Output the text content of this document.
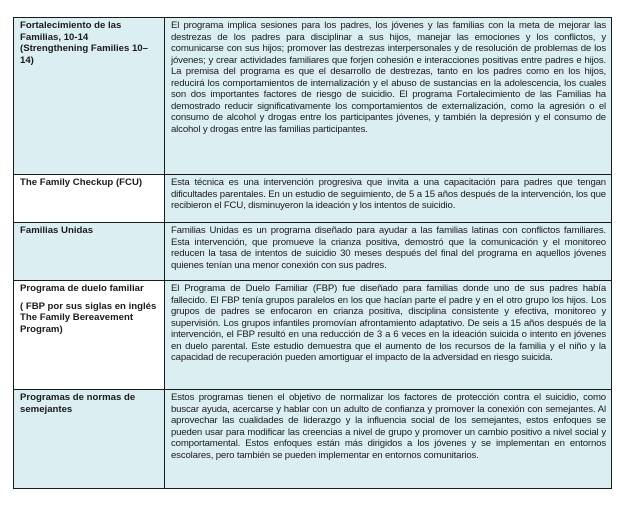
Fortalecimiento de las Familias, 10-14 (Strengthening Families 10–14)	El programa implica sesiones para los padres, los jóvenes y las familias con la meta de mejorar las destrezas de los padres para disciplinar a sus hijos, manejar las emociones y los conflictos, y comunicarse con sus hijos; promover las destrezas interpersonales y de resolución de problemas de los jóvenes; y crear actividades familiares que forjen cohesión e interacciones positivas entre padres e hijos. La premisa del programa es que el desarrollo de destrezas, tanto en los padres como en los hijos, reducirá los comportamientos de internalización y el abuso de sustancias en la adolescencia, los cuales son dos importantes factores de riesgo de suicidio. El programa Fortalecimiento de las Familias ha demostrado reducir significativamente los comportamientos de externalización, como la agresión o el consumo de alcohol y drogas entre los participantes jóvenes, y también la depresión y el consumo de alcohol y drogas entre las familias participantes.

The Family Checkup (FCU)	Esta técnica es una intervención progresiva que invita a una capacitación para padres que tengan dificultades parentales. En un estudio de seguimiento, de 5 a 15 años después de la intervención, los que recibieron el FCU, disminuyeron la ideación y los intentos de suicidio.

Familias Unidas	Familias Unidas es un programa diseñado para ayudar a las familias latinas con conflictos familiares. Esta intervención, que promueve la crianza positiva, demostró que la comunicación y el monitoreo reducen la tasa de intentos de suicidio 30 meses después del final del programa en aquellos jóvenes quienes tenían una menor conexión con sus padres.

Programa de duelo familiar
( FBP por sus siglas en inglés The Family Bereavement Program)	El Programa de Duelo Familiar (FBP) fue diseñado para familias donde uno de sus padres había fallecido. El FBP tenía grupos paralelos en los que hacían parte el padre y en el otro grupo los hijos. Los grupos de padres se enfocaron en crianza positiva, disciplina consistente y efectiva, monitoreo y supervisión. Los grupos infantiles promovían afrontamiento adaptativo. De seis a 15 años después de la intervención, el FBP resultó en una reducción de 3 a 6 veces en la ideación suicida o intento en jóvenes en duelo parental. Este estudio demuestra que el aumento de los recursos de la familia y el niño y la capacidad de recuperación pueden amortiguar el impacto de la adversidad en riesgo suicida.

Programas de normas de semejantes	Estos programas tienen el objetivo de normalizar los factores de protección contra el suicidio, como buscar ayuda, acercarse y hablar con un adulto de confianza y promover la conexión con semejantes. Al aprovechar las cualidades de liderazgo y la influencia social de los semejantes, estos enfoques se pueden usar para modificar las creencias a nivel de grupo y promover un cambio positivo a nivel social y comportamental. Estos enfoques están más dirigidos a los jóvenes y se implementan en entornos escolares, pero también se pueden implementar en entornos comunitarios.
